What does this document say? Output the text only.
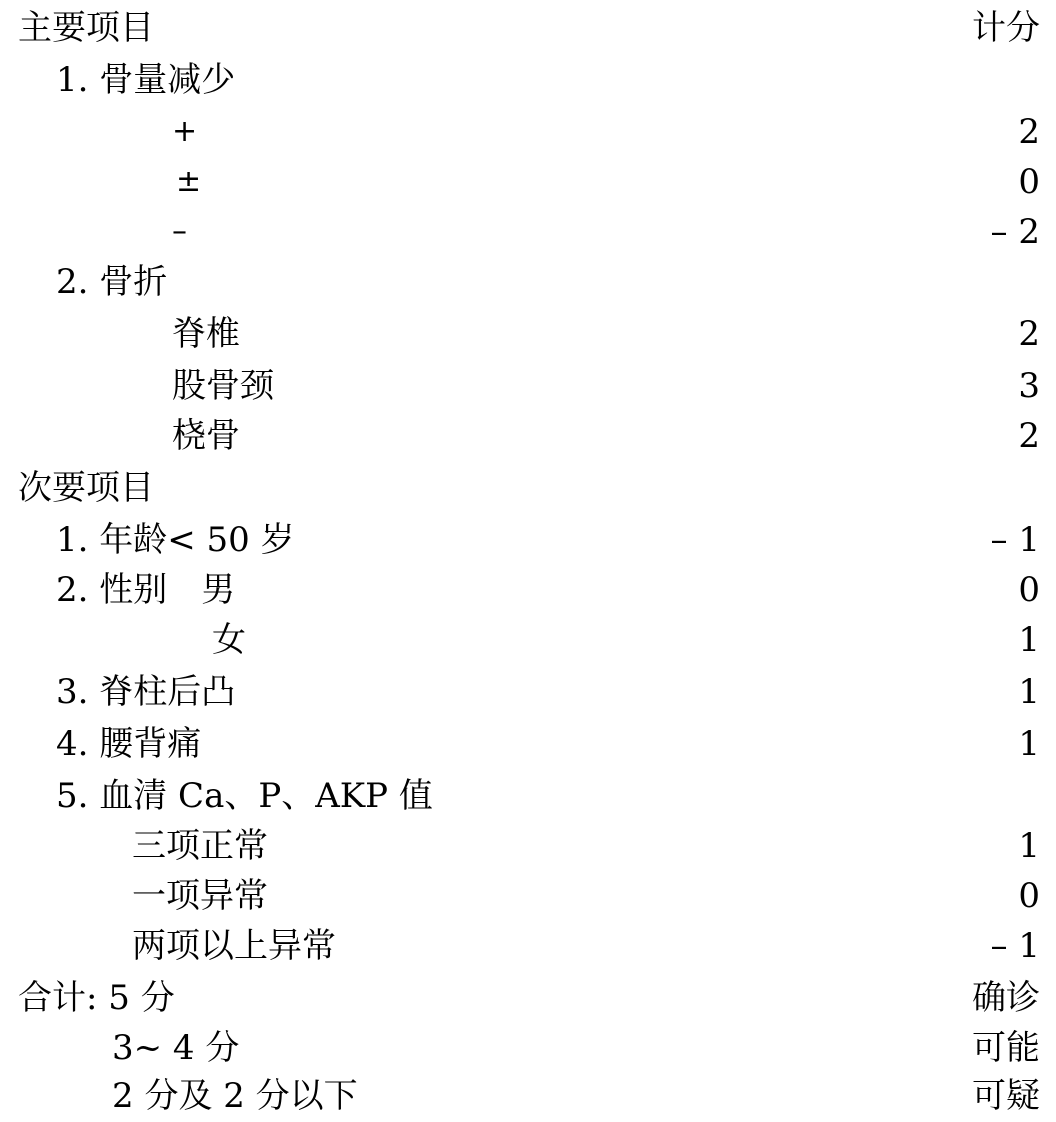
主要项目	计分
1. 骨量减少
+	2
±	0
–	– 2
2. 骨折
脊椎	2
股骨颈	3
桡骨	2
次要项目
1. 年龄< 50 岁	– 1
2. 性别　男	0
女	1
3. 脊柱后凸	1
4. 腰背痛	1
5. 血清 Ca、P、AKP 值
三项正常	1
一项异常	0
两项以上异常	– 1
合计: 5 分	确诊
3~ 4 分	可能
2 分及 2 分以下	可疑
